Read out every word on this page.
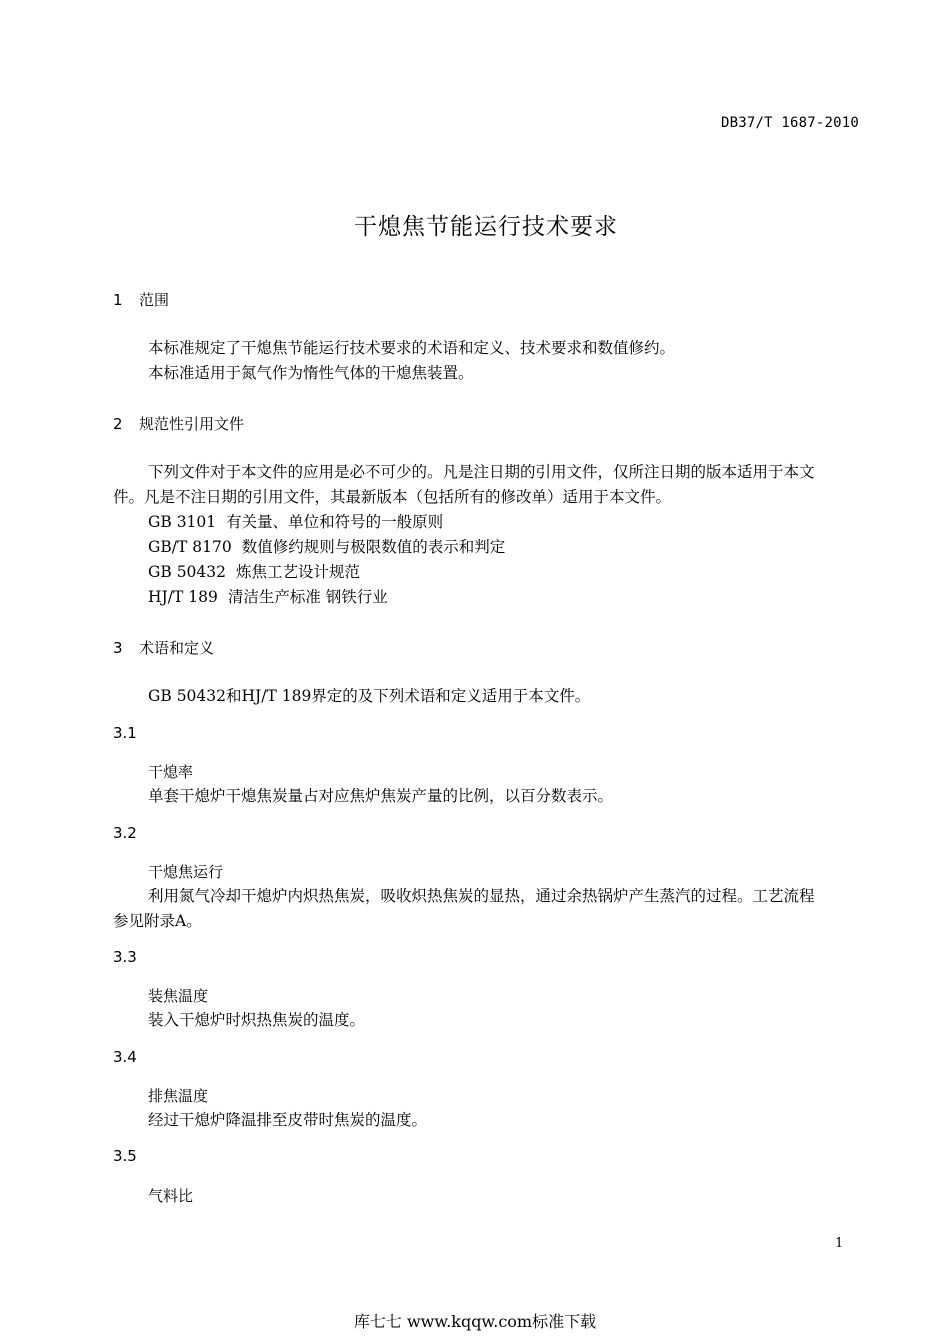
DB37/T 1687-2010
干熄焦节能运行技术要求
1 范围
本标准规定了干熄焦节能运行技术要求的术语和定义、技术要求和数值修约。
本标准适用于氮气作为惰性气体的干熄焦装置。
2 规范性引用文件
下列文件对于本文件的应用是必不可少的。凡是注日期的引用文件，仅所注日期的版本适用于本文
件。凡是不注日期的引用文件，其最新版本（包括所有的修改单）适用于本文件。
GB 3101 有关量、单位和符号的一般原则
GB/T 8170 数值修约规则与极限数值的表示和判定
GB 50432 炼焦工艺设计规范
HJ/T 189 清洁生产标准 钢铁行业
3 术语和定义
GB 50432和HJ/T 189界定的及下列术语和定义适用于本文件。
3.1
干熄率
单套干熄炉干熄焦炭量占对应焦炉焦炭产量的比例，以百分数表示。
3.2
干熄焦运行
利用氮气冷却干熄炉内炽热焦炭，吸收炽热焦炭的显热，通过余热锅炉产生蒸汽的过程。工艺流程
参见附录A。
3.3
装焦温度
装入干熄炉时炽热焦炭的温度。
3.4
排焦温度
经过干熄炉降温排至皮带时焦炭的温度。
3.5
气料比
1
库七七 www.kqqw.com标准下载
